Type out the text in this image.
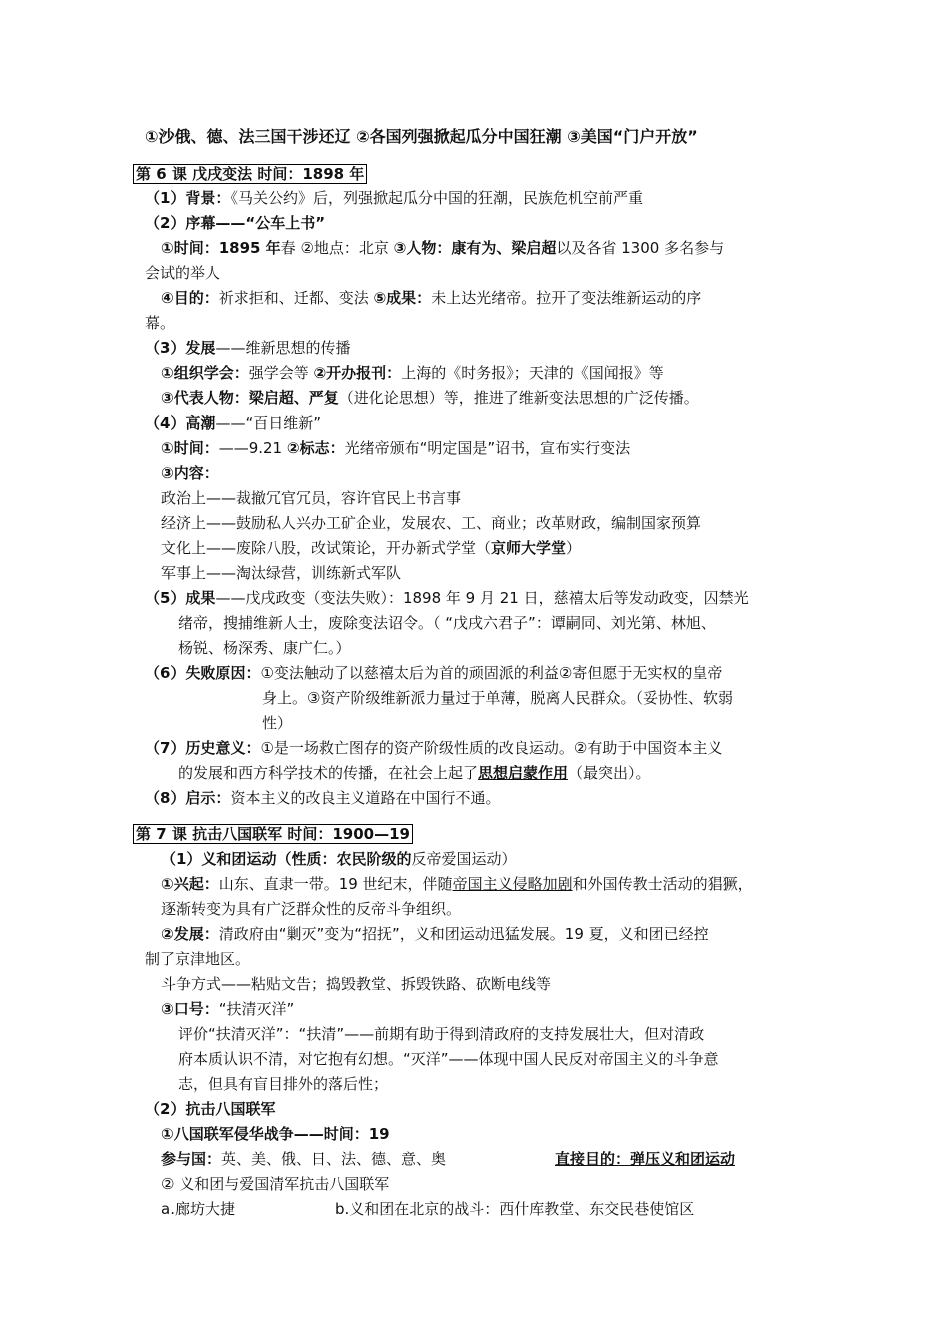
①沙俄、德、法三国干涉还辽 ②各国列强掀起瓜分中国狂潮 ③美国“门户开放”
第 6 课 戊戌变法 时间：1898 年
（1）背景：《马关公约》后，列强掀起瓜分中国的狂潮，民族危机空前严重
（2）序幕——“公车上书”
①时间：1895 年春 ②地点：北京 ③人物：康有为、梁启超以及各省 1300 多名参与
会试的举人
④目的：祈求拒和、迁都、变法 ⑤成果：未上达光绪帝。拉开了变法维新运动的序
幕。
（3）发展——维新思想的传播
①组织学会：强学会等 ②开办报刊：上海的《时务报》；天津的《国闻报》等
③代表人物：梁启超、严复（进化论思想）等，推进了维新变法思想的广泛传播。
（4）高潮——“百日维新”
①时间：——9.21 ②标志：光绪帝颁布“明定国是”诏书，宣布实行变法
③内容：
政治上——裁撤冗官冗员，容许官民上书言事
经济上——鼓励私人兴办工矿企业，发展农、工、商业；改革财政，编制国家预算
文化上——废除八股，改试策论，开办新式学堂（京师大学堂）
军事上——淘汰绿营，训练新式军队
（5）成果——戊戌政变（变法失败）：1898 年 9 月 21 日，慈禧太后等发动政变，囚禁光
绪帝，搜捕维新人士，废除变法诏令。（ “戊戌六君子”：谭嗣同、刘光第、林旭、
杨锐、杨深秀、康广仁。）
（6）失败原因：①变法触动了以慈禧太后为首的顽固派的利益②寄但愿于无实权的皇帝
身上。③资产阶级维新派力量过于单薄，脱离人民群众。（妥协性、软弱
性）
（7）历史意义：①是一场救亡图存的资产阶级性质的改良运动。②有助于中国资本主义
的发展和西方科学技术的传播，在社会上起了思想启蒙作用（最突出）。
（8）启示：资本主义的改良主义道路在中国行不通。
第 7 课 抗击八国联军 时间：1900—19
（1）义和团运动（性质：农民阶级的反帝爱国运动）
①兴起：山东、直隶一带。19 世纪末，伴随帝国主义侵略加剧和外国传教士活动的猖獗，
逐渐转变为具有广泛群众性的反帝斗争组织。
②发展：清政府由“剿灭”变为“招抚”，义和团运动迅猛发展。19 夏，义和团已经控
制了京津地区。
斗争方式——粘贴文告；捣毁教堂、拆毁铁路、砍断电线等
③口号：“扶清灭洋”
评价“扶清灭洋”：“扶清”——前期有助于得到清政府的支持发展壮大，但对清政
府本质认识不清，对它抱有幻想。“灭洋”——体现中国人民反对帝国主义的斗争意
志，但具有盲目排外的落后性；
（2）抗击八国联军
①八国联军侵华战争——时间：19
参与国：英、美、俄、日、法、德、意、奥	直接目的：弹压义和团运动
② 义和团与爱国清军抗击八国联军
a.廊坊大捷	b.义和团在北京的战斗：西什库教堂、东交民巷使馆区
